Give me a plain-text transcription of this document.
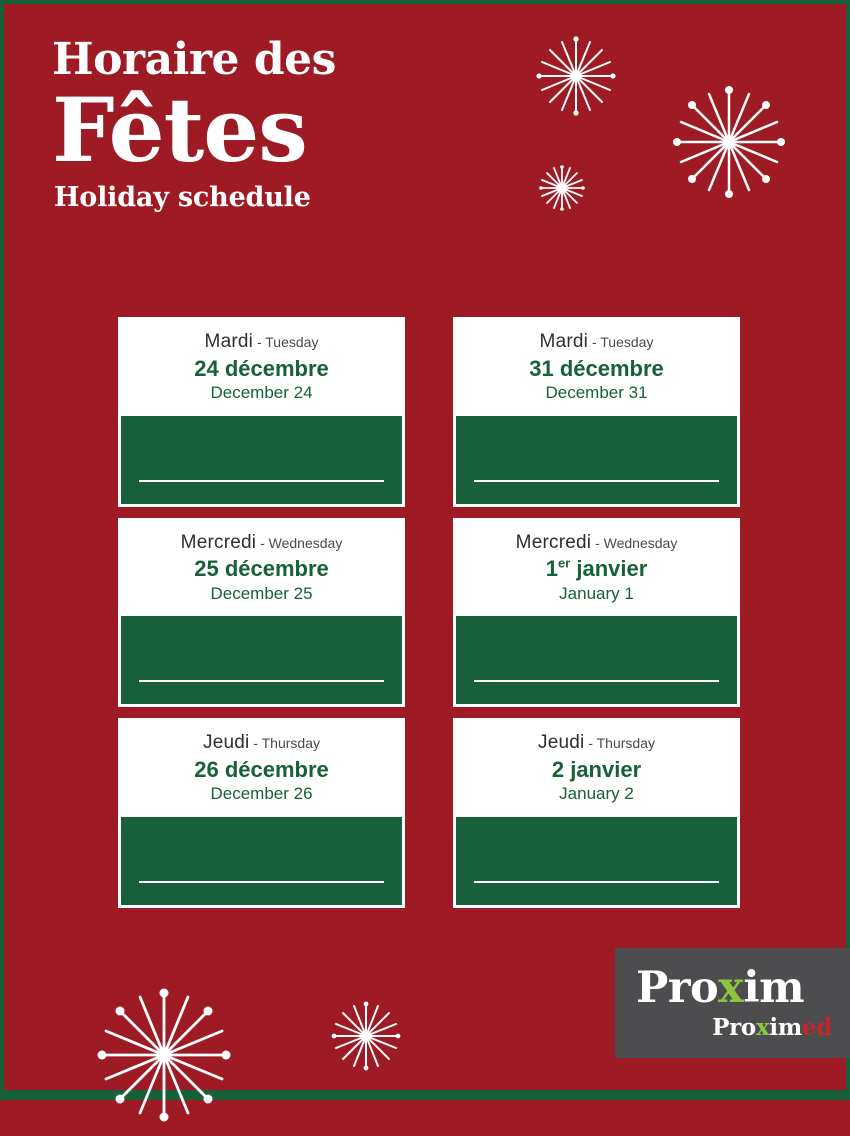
Horaire des
Fêtes
Holiday schedule
Mardi - Tuesday
24 décembre
December 24
Mardi - Tuesday
31 décembre
December 31
Mercredi - Wednesday
25 décembre
December 25
Mercredi - Wednesday
1er janvier
January 1
Jeudi - Thursday
26 décembre
December 26
Jeudi - Thursday
2 janvier
January 2
Proxim
Proximed
